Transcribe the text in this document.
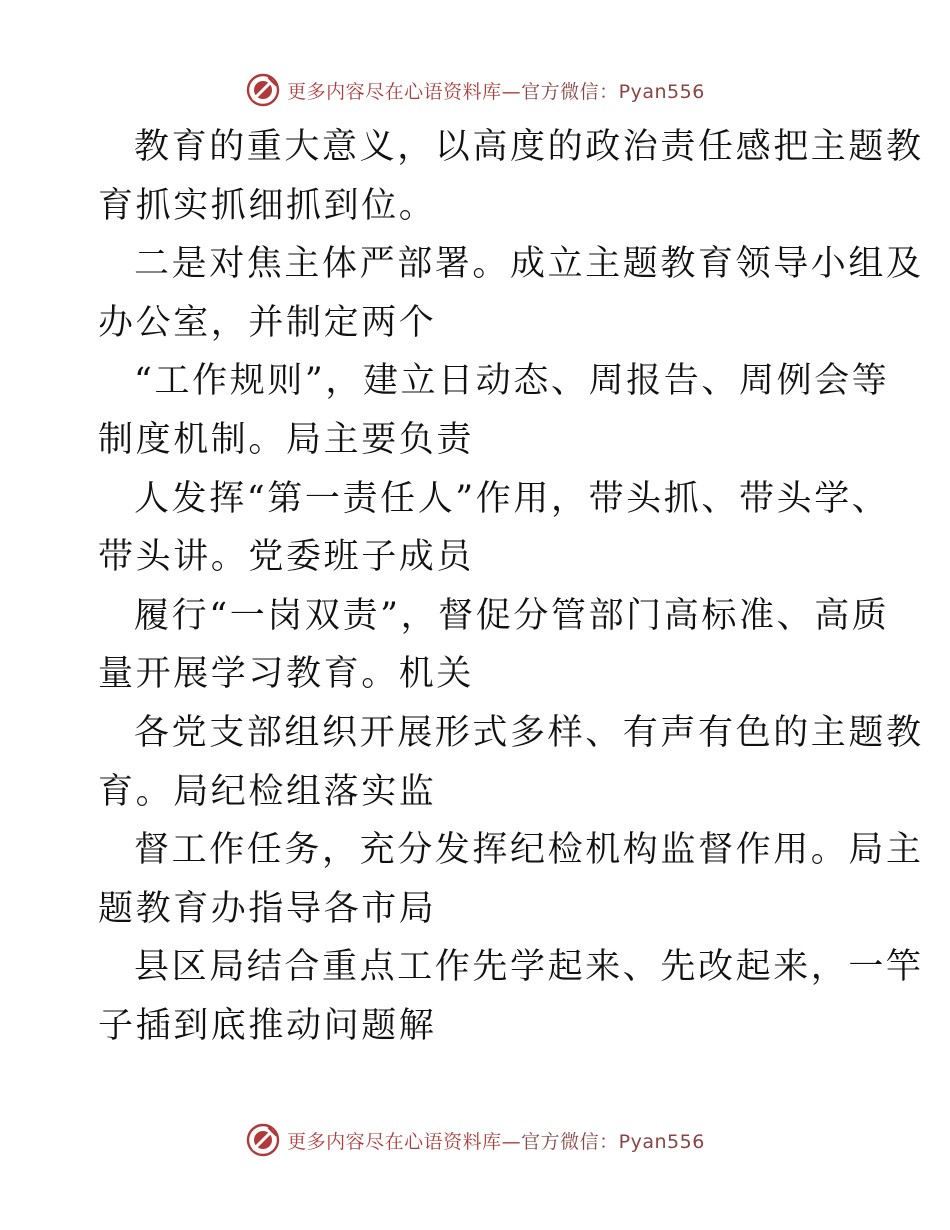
更多内容尽在心语资料库—官方微信：Pyan556
教育的重大意义，以高度的政治责任感把主题教
育抓实抓细抓到位。
二是对焦主体严部署。成立主题教育领导小组及
办公室，并制定两个
“工作规则”，建立日动态、周报告、周例会等
制度机制。局主要负责
人发挥“第一责任人”作用，带头抓、带头学、
带头讲。党委班子成员
履行“一岗双责”，督促分管部门高标准、高质
量开展学习教育。机关
各党支部组织开展形式多样、有声有色的主题教
育。局纪检组落实监
督工作任务，充分发挥纪检机构监督作用。局主
题教育办指导各市局
县区局结合重点工作先学起来、先改起来，一竿
子插到底推动问题解
更多内容尽在心语资料库—官方微信：Pyan556
